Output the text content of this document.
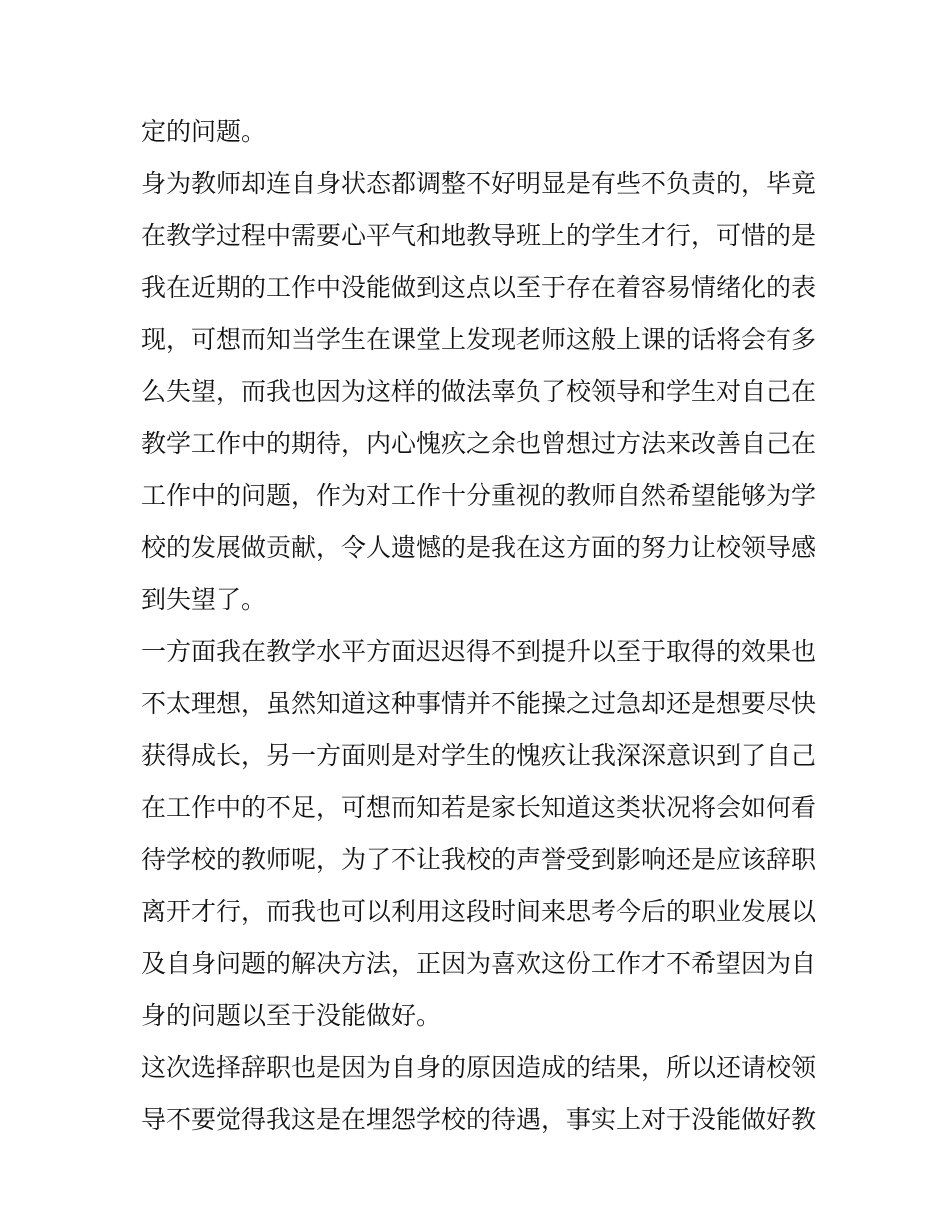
定的问题。
身为教师却连自身状态都调整不好明显是有些不负责的，毕竟
在教学过程中需要心平气和地教导班上的学生才行，可惜的是
我在近期的工作中没能做到这点以至于存在着容易情绪化的表
现，可想而知当学生在课堂上发现老师这般上课的话将会有多
么失望，而我也因为这样的做法辜负了校领导和学生对自己在
教学工作中的期待，内心愧疚之余也曾想过方法来改善自己在
工作中的问题，作为对工作十分重视的教师自然希望能够为学
校的发展做贡献，令人遗憾的是我在这方面的努力让校领导感
到失望了。
一方面我在教学水平方面迟迟得不到提升以至于取得的效果也
不太理想，虽然知道这种事情并不能操之过急却还是想要尽快
获得成长，另一方面则是对学生的愧疚让我深深意识到了自己
在工作中的不足，可想而知若是家长知道这类状况将会如何看
待学校的教师呢，为了不让我校的声誉受到影响还是应该辞职
离开才行，而我也可以利用这段时间来思考今后的职业发展以
及自身问题的解决方法，正因为喜欢这份工作才不希望因为自
身的问题以至于没能做好。
这次选择辞职也是因为自身的原因造成的结果，所以还请校领
导不要觉得我这是在埋怨学校的待遇，事实上对于没能做好教
